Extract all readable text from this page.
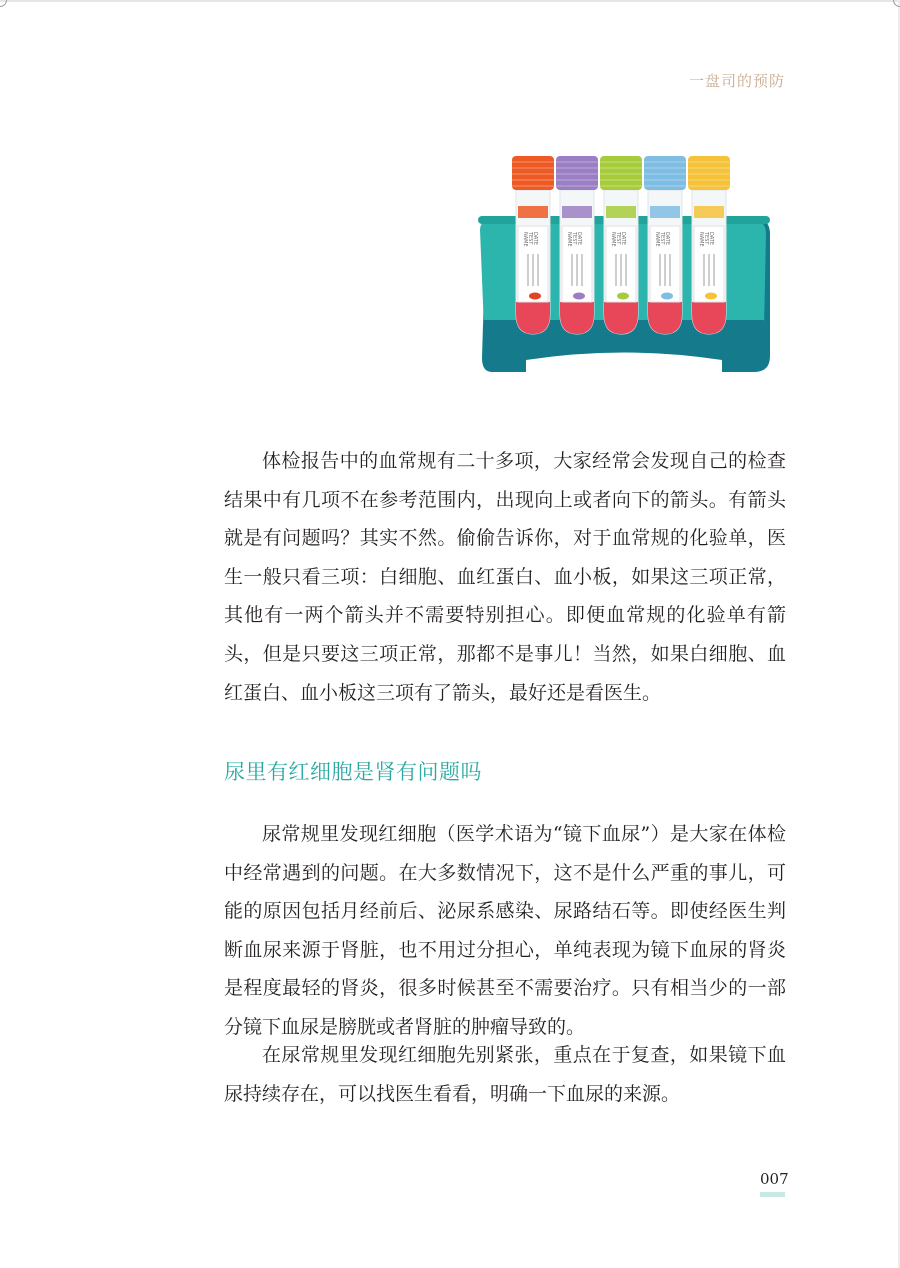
一盘司的预防
NAME TEST DATE	NAME TEST DATE	NAME TEST DATE	NAME TEST DATE	NAME TEST DATE

体检报告中的血常规有二十多项，大家经常会发现自己的检查结果中有几项不在参考范围内，出现向上或者向下的箭头。有箭头就是有问题吗？其实不然。偷偷告诉你，对于血常规的化验单，医生一般只看三项：白细胞、血红蛋白、血小板，如果这三项正常，其他有一两个箭头并不需要特别担心。即便血常规的化验单有箭头，但是只要这三项正常，那都不是事儿！当然，如果白细胞、血红蛋白、血小板这三项有了箭头，最好还是看医生。

尿里有红细胞是肾有问题吗

尿常规里发现红细胞（医学术语为“镜下血尿”）是大家在体检中经常遇到的问题。在大多数情况下，这不是什么严重的事儿，可能的原因包括月经前后、泌尿系感染、尿路结石等。即使经医生判断血尿来源于肾脏，也不用过分担心，单纯表现为镜下血尿的肾炎是程度最轻的肾炎，很多时候甚至不需要治疗。只有相当少的一部分镜下血尿是膀胱或者肾脏的肿瘤导致的。

在尿常规里发现红细胞先别紧张，重点在于复查，如果镜下血尿持续存在，可以找医生看看，明确一下血尿的来源。

007
